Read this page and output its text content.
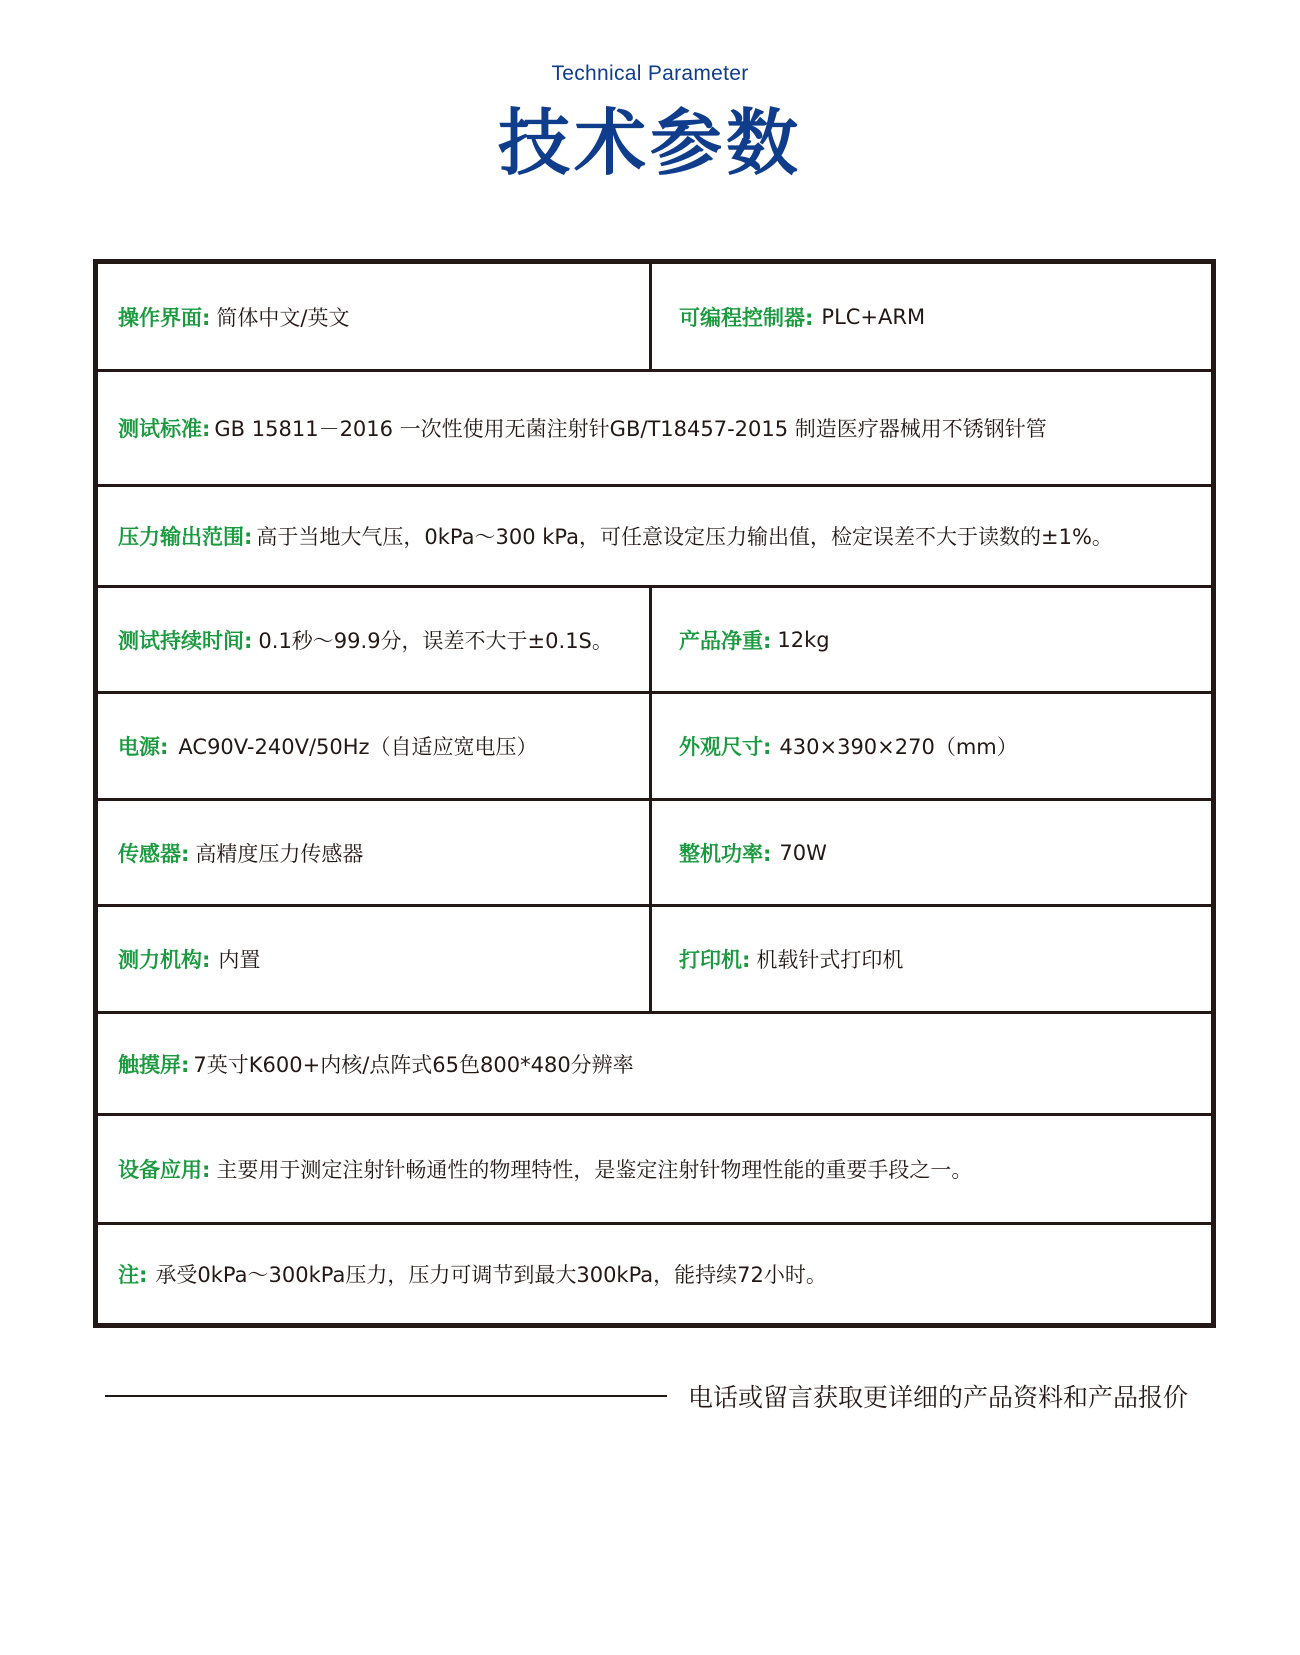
Technical Parameter
技术参数
操作界面: 简体中文/英文	可编程控制器: PLC+ARM
测试标准: GB 15811－2016 一次性使用无菌注射针GB/T18457-2015 制造医疗器械用不锈钢针管
压力输出范围: 高于当地大气压，0kPa～300 kPa，可任意设定压力输出值，检定误差不大于读数的±1%。
测试持续时间: 0.1秒～99.9分，误差不大于±0.1S。	产品净重: 12kg
电源: AC90V-240V/50Hz（自适应宽电压）	外观尺寸: 430×390×270（mm）
传感器: 高精度压力传感器	整机功率: 70W
测力机构: 内置	打印机: 机载针式打印机
触摸屏: 7英寸K600+内核/点阵式65色800*480分辨率
设备应用: 主要用于测定注射针畅通性的物理特性，是鉴定注射针物理性能的重要手段之一。
注: 承受0kPa～300kPa压力，压力可调节到最大300kPa，能持续72小时。
电话或留言获取更详细的产品资料和产品报价
